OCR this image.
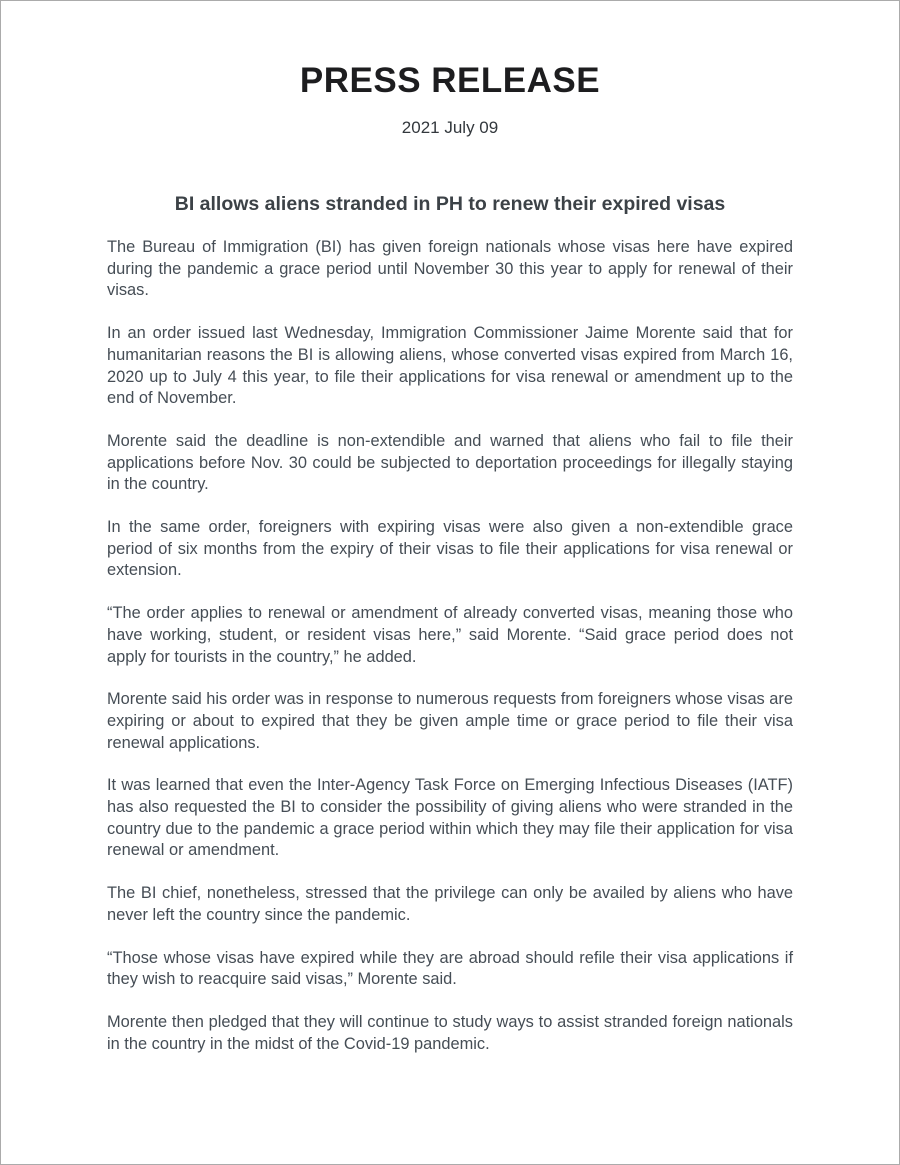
PRESS RELEASE
2021 July 09
BI allows aliens stranded in PH to renew their expired visas

The Bureau of Immigration (BI) has given foreign nationals whose visas here have expired during the pandemic a grace period until November 30 this year to apply for renewal of their visas.

In an order issued last Wednesday, Immigration Commissioner Jaime Morente said that for humanitarian reasons the BI is allowing aliens, whose converted visas expired from March 16, 2020 up to July 4 this year, to file their applications for visa renewal or amendment up to the end of November.

Morente said the deadline is non-extendible and warned that aliens who fail to file their applications before Nov. 30 could be subjected to deportation proceedings for illegally staying in the country.

In the same order, foreigners with expiring visas were also given a non-extendible grace period of six months from the expiry of their visas to file their applications for visa renewal or extension.

“The order applies to renewal or amendment of already converted visas, meaning those who have working, student, or resident visas here,” said Morente. “Said grace period does not apply for tourists in the country,” he added.

Morente said his order was in response to numerous requests from foreigners whose visas are expiring or about to expired that they be given ample time or grace period to file their visa renewal applications.

It was learned that even the Inter-Agency Task Force on Emerging Infectious Diseases (IATF) has also requested the BI to consider the possibility of giving aliens who were stranded in the country due to the pandemic a grace period within which they may file their application for visa renewal or amendment.

The BI chief, nonetheless, stressed that the privilege can only be availed by aliens who have never left the country since the pandemic.

“Those whose visas have expired while they are abroad should refile their visa applications if they wish to reacquire said visas,” Morente said.

Morente then pledged that they will continue to study ways to assist stranded foreign nationals in the country in the midst of the Covid-19 pandemic.
